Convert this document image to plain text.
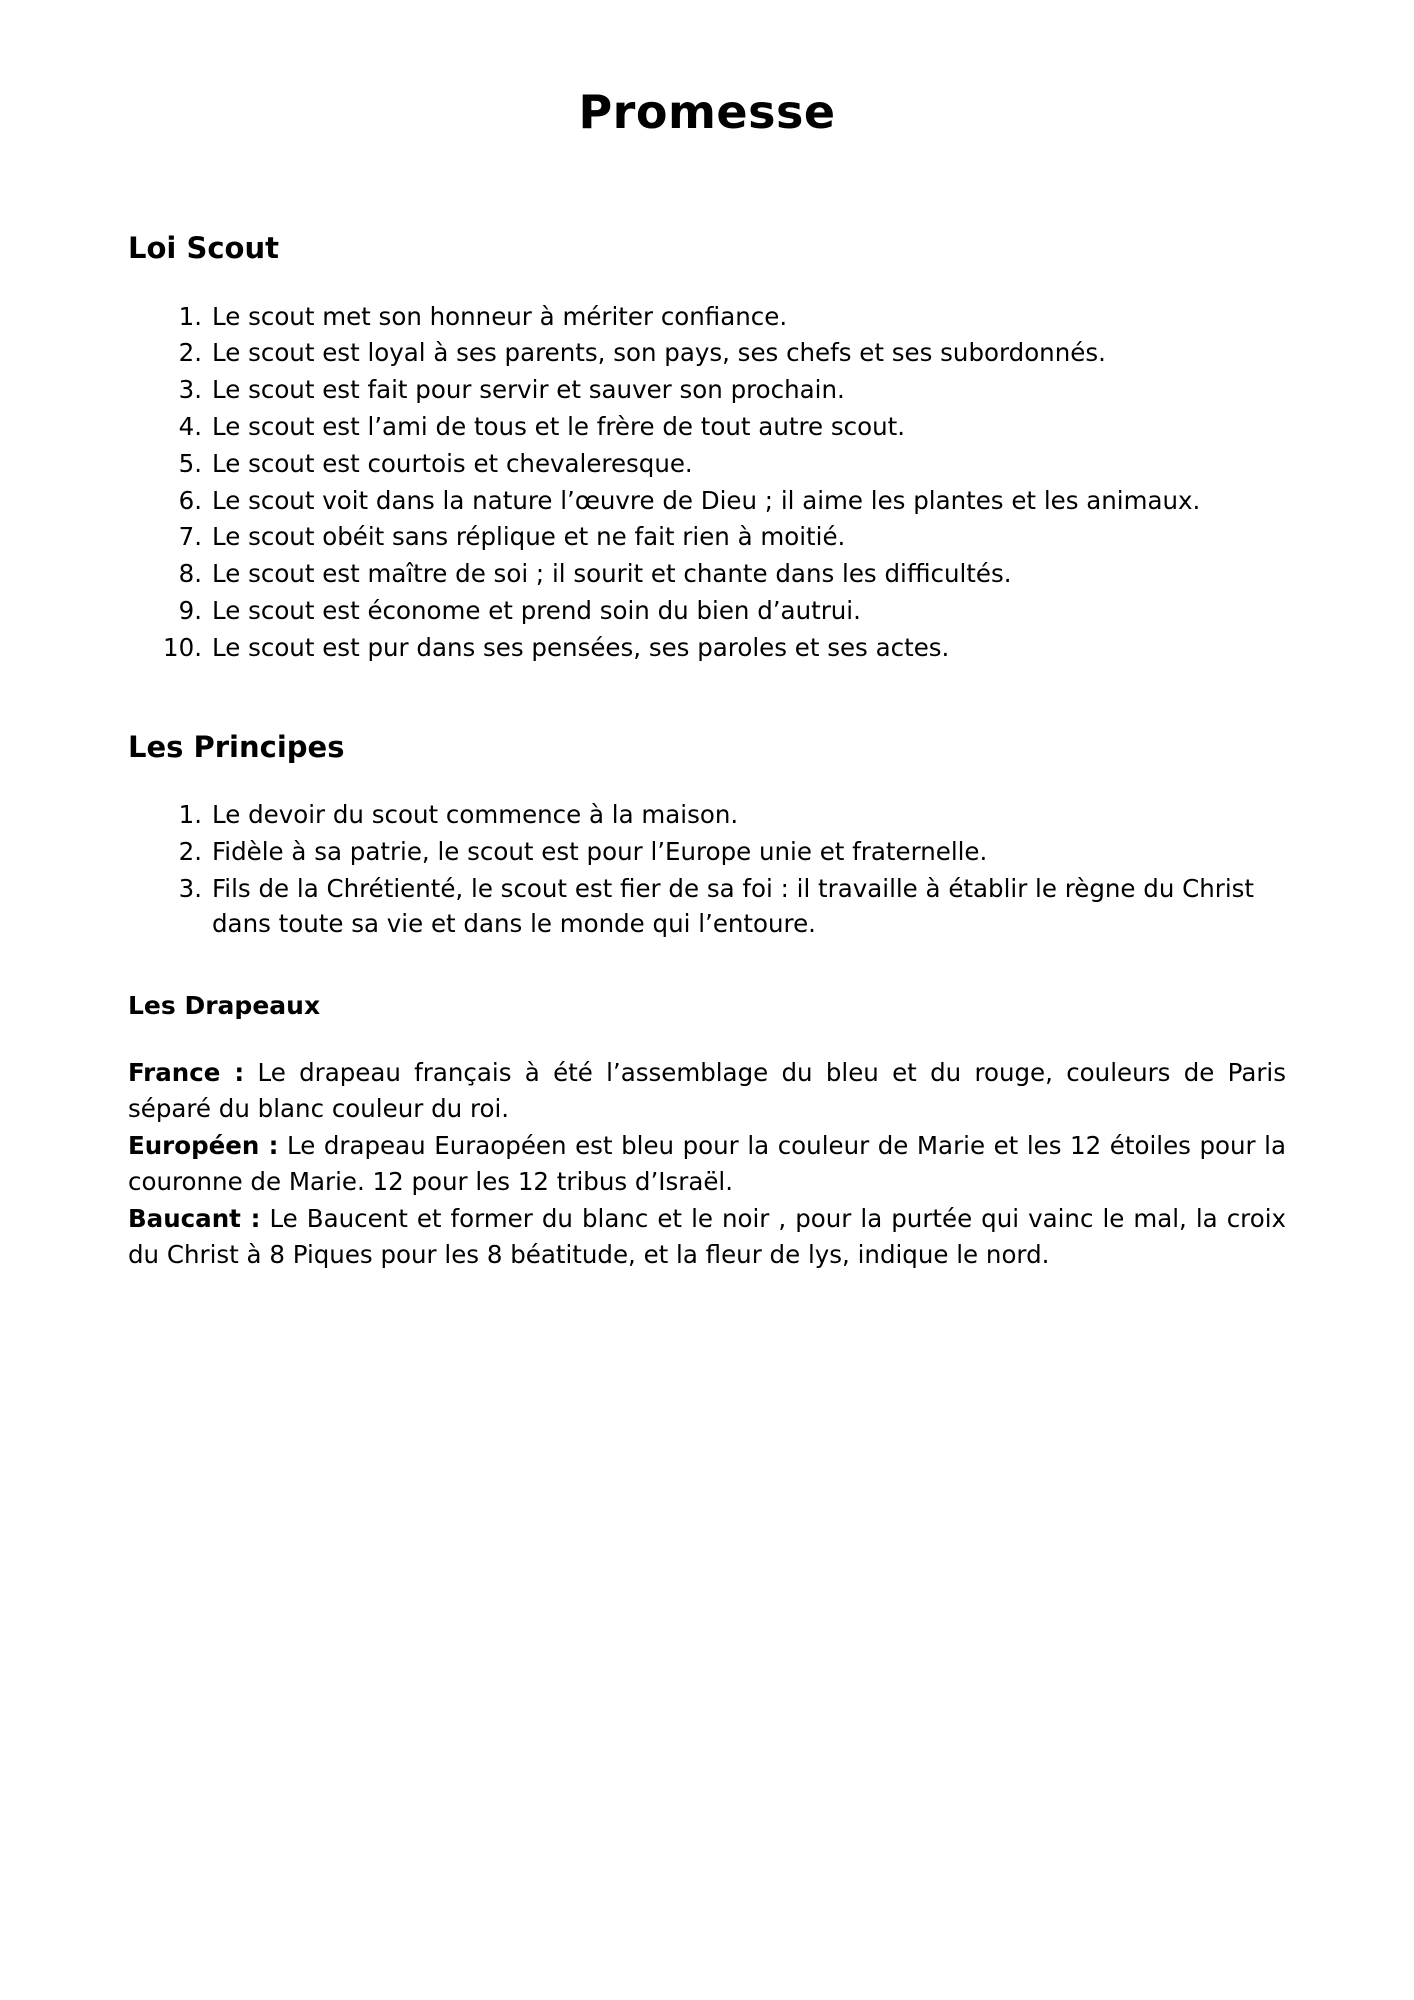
Promesse
Loi Scout
Le scout met son honneur à mériter confiance.
Le scout est loyal à ses parents, son pays, ses chefs et ses subordonnés.
Le scout est fait pour servir et sauver son prochain.
Le scout est l’ami de tous et le frère de tout autre scout.
Le scout est courtois et chevaleresque.
Le scout voit dans la nature l’œuvre de Dieu ; il aime les plantes et les animaux.
Le scout obéit sans réplique et ne fait rien à moitié.
Le scout est maître de soi ; il sourit et chante dans les difficultés.
Le scout est économe et prend soin du bien d’autrui.
Le scout est pur dans ses pensées, ses paroles et ses actes.
Les Principes
Le devoir du scout commence à la maison.
Fidèle à sa patrie, le scout est pour l’Europe unie et fraternelle.
Fils de la Chrétienté, le scout est fier de sa foi : il travaille à établir le règne du Christ dans toute sa vie et dans le monde qui l’entoure.
Les Drapeaux

France : Le drapeau français à été l’assemblage du bleu et du rouge, couleurs de Paris séparé du blanc couleur du roi.

Européen : Le drapeau Euraopéen est bleu pour la couleur de Marie et les 12 étoiles pour la couronne de Marie. 12 pour les 12 tribus d’Israël.

Baucant : Le Baucent et former du blanc et le noir , pour la purtée qui vainc le mal, la croix du Christ à 8 Piques pour les 8 béatitude, et la fleur de lys, indique le nord.
